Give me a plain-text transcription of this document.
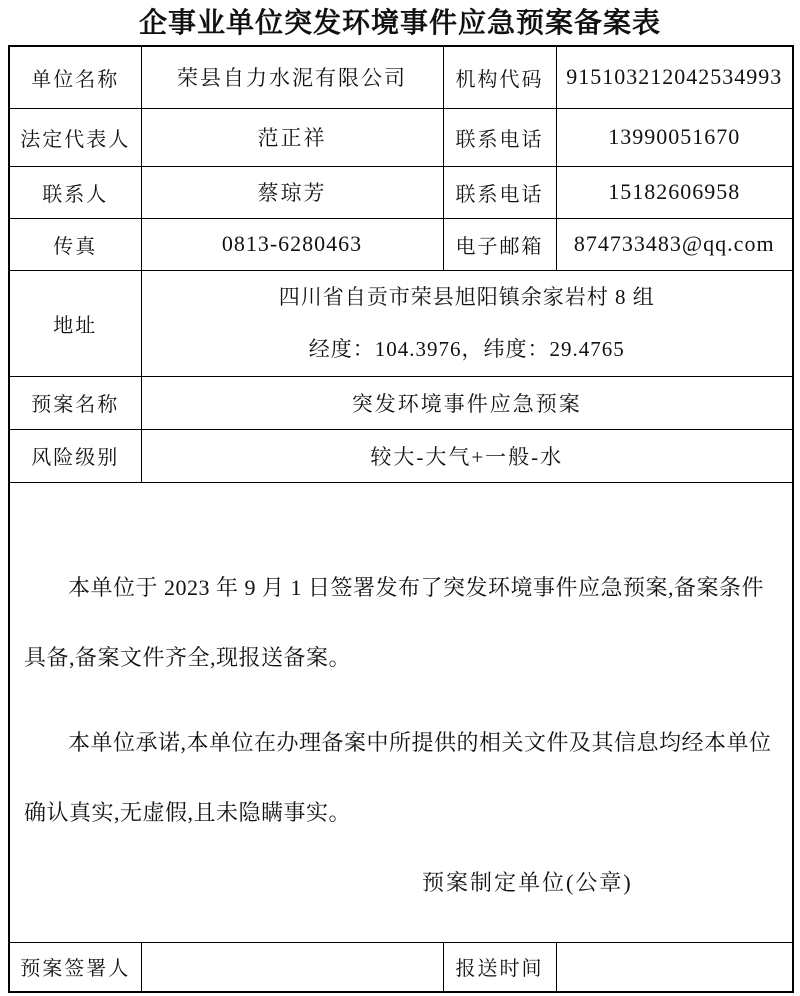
企事业单位突发环境事件应急预案备案表
单位名称	荣县自力水泥有限公司	机构代码	915103212042534993
法定代表人	范正祥	联系电话	13990051670
联系人	蔡琼芳	联系电话	15182606958
传真	0813-6280463	电子邮箱	874733483@qq.com
地址	四川省自贡市荣县旭阳镇余家岩村 8 组
经度：104.3976，纬度：29.4765		

预案名称	突发环境事件应急预案		
风险级别	较大-大气+一般-水		

本单位于 2023 年 9 月 1 日签署发布了突发环境事件应急预案,备案条件具备,备案文件齐全,现报送备案。

本单位承诺,本单位在办理备案中所提供的相关文件及其信息均经本单位确认真实,无虚假,且未隐瞒事实。

预案制定单位(公章)			

预案签署人		报送时间	
